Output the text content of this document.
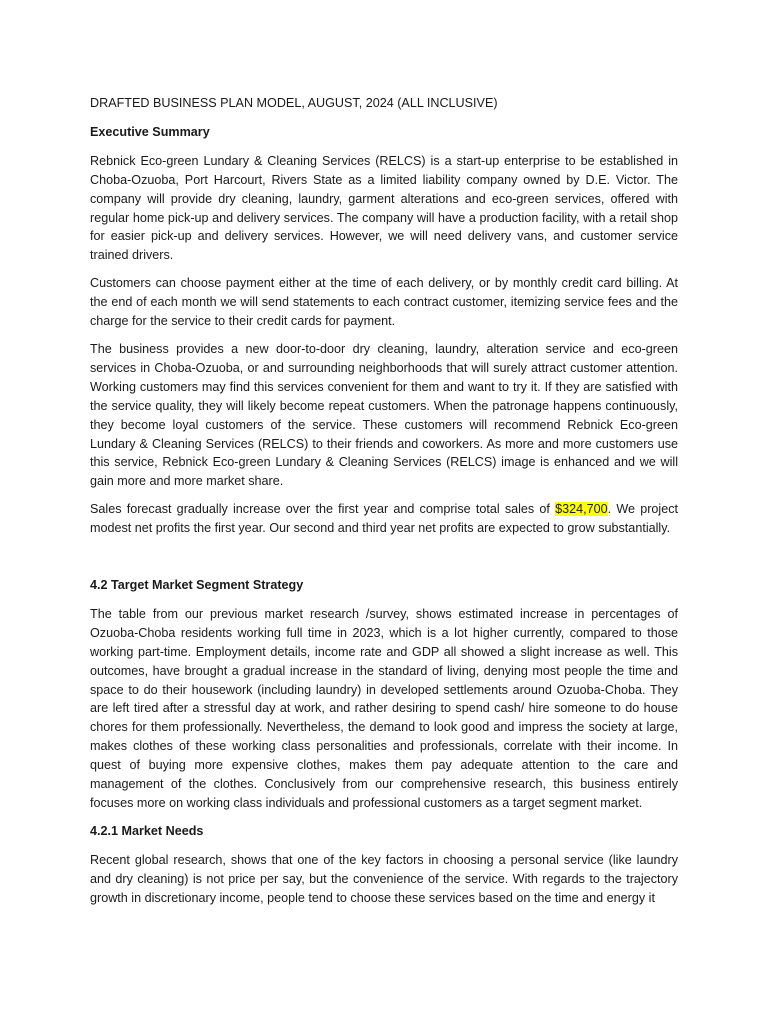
DRAFTED BUSINESS PLAN MODEL, AUGUST, 2024 (ALL INCLUSIVE)

Executive Summary

Rebnick Eco-green Lundary & Cleaning Services (RELCS) is a start-up enterprise to be established in Choba-Ozuoba, Port Harcourt, Rivers State as a limited liability company owned by D.E. Victor. The company will provide dry cleaning, laundry, garment alterations and eco-green services, offered with regular home pick-up and delivery services. The company will have a production facility, with a retail shop for easier pick-up and delivery services. However, we will need delivery vans, and customer service trained drivers.

Customers can choose payment either at the time of each delivery, or by monthly credit card billing. At the end of each month we will send statements to each contract customer, itemizing service fees and the charge for the service to their credit cards for payment.

The business provides a new door-to-door dry cleaning, laundry, alteration service and eco-green services in Choba-Ozuoba, or and surrounding neighborhoods that will surely attract customer attention. Working customers may find this services convenient for them and want to try it. If they are satisfied with the service quality, they will likely become repeat customers. When the patronage happens continuously, they become loyal customers of the service. These customers will recommend Rebnick Eco-green Lundary & Cleaning Services (RELCS) to their friends and coworkers. As more and more customers use this service, Rebnick Eco-green Lundary & Cleaning Services (RELCS) image is enhanced and we will gain more and more market share.

Sales forecast gradually increase over the first year and comprise total sales of $324,700. We project modest net profits the first year. Our second and third year net profits are expected to grow substantially.

4.2 Target Market Segment Strategy

The table from our previous market research /survey, shows estimated increase in percentages of Ozuoba-Choba residents working full time in 2023, which is a lot higher currently, compared to those working part-time. Employment details, income rate and GDP all showed a slight increase as well. This outcomes, have brought a gradual increase in the standard of living, denying most people the time and space to do their housework (including laundry) in developed settlements around Ozuoba-Choba. They are left tired after a stressful day at work, and rather desiring to spend cash/ hire someone to do house chores for them professionally. Nevertheless, the demand to look good and impress the society at large, makes clothes of these working class personalities and professionals, correlate with their income. In quest of buying more expensive clothes, makes them pay adequate attention to the care and management of the clothes. Conclusively from our comprehensive research, this business entirely focuses more on working class individuals and professional customers as a target segment market.

4.2.1 Market Needs

Recent global research, shows that one of the key factors in choosing a personal service (like laundry and dry cleaning) is not price per say, but the convenience of the service. With regards to the trajectory growth in discretionary income, people tend to choose these services based on the time and energy it
